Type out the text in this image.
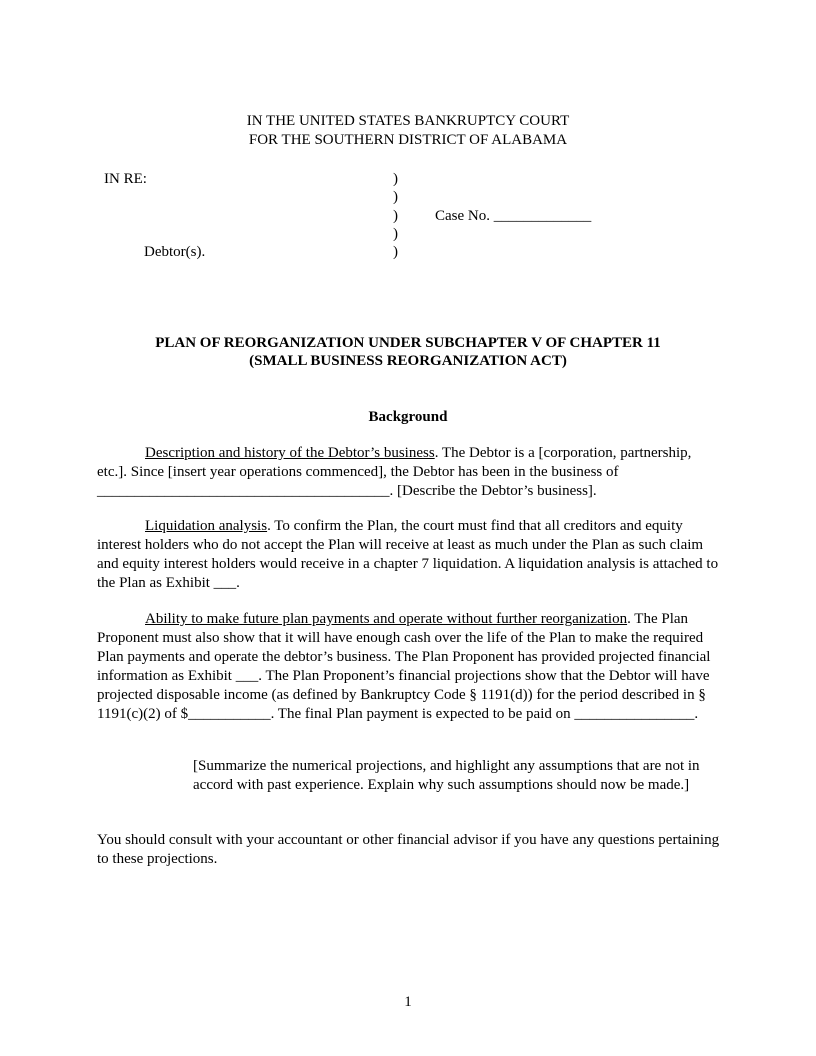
IN THE UNITED STATES BANKRUPTCY COURT
FOR THE SOUTHERN DISTRICT OF ALABAMA
IN RE:	)
)
) Case No. _____________
)
Debtor(s).	)
PLAN OF REORGANIZATION UNDER SUBCHAPTER V OF CHAPTER 11
(SMALL BUSINESS REORGANIZATION ACT)
Background
Description and history of the Debtor’s business. The Debtor is a [corporation, partnership, etc.]. Since [insert year operations commenced], the Debtor has been in the business of _______________________________________. [Describe the Debtor’s business].
Liquidation analysis. To confirm the Plan, the court must find that all creditors and equity interest holders who do not accept the Plan will receive at least as much under the Plan as such claim and equity interest holders would receive in a chapter 7 liquidation. A liquidation analysis is attached to the Plan as Exhibit ___.
Ability to make future plan payments and operate without further reorganization. The Plan Proponent must also show that it will have enough cash over the life of the Plan to make the required Plan payments and operate the debtor’s business. The Plan Proponent has provided projected financial information as Exhibit ___. The Plan Proponent’s financial projections show that the Debtor will have projected disposable income (as defined by Bankruptcy Code § 1191(d)) for the period described in § 1191(c)(2) of $___________. The final Plan payment is expected to be paid on ________________.
[Summarize the numerical projections, and highlight any assumptions that are not in accord with past experience. Explain why such assumptions should now be made.]
You should consult with your accountant or other financial advisor if you have any questions pertaining to these projections.
1
